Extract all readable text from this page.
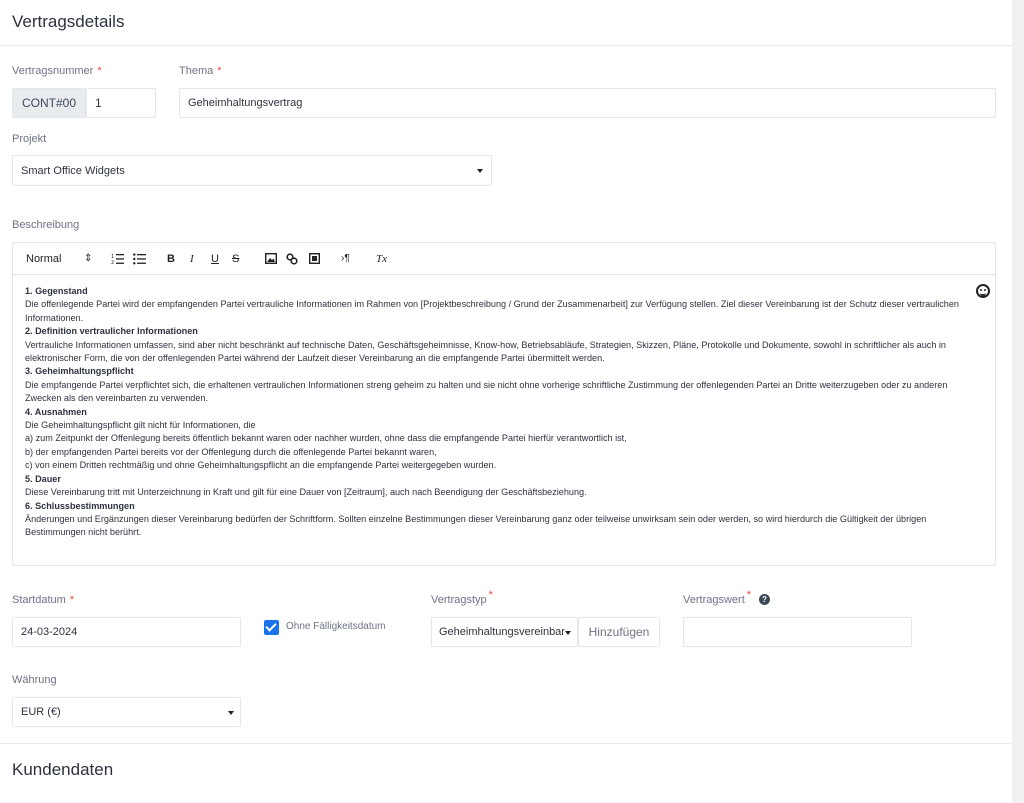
Vertragsdetails
Vertragsnummer *
CONT#00	1
Thema *
Geheimhaltungsvertrag
Projekt
Smart Office Widgets
Beschreibung
Normal ⇕	1
2	B I U S	›¶ Tx
1. Gegenstand
Die offenlegende Partei wird der empfangenden Partei vertrauliche Informationen im Rahmen von [Projektbeschreibung / Grund der Zusammenarbeit] zur Verfügung stellen. Ziel dieser Vereinbarung ist der Schutz dieser vertraulichen Informationen.
2. Definition vertraulicher Informationen
Vertrauliche Informationen umfassen, sind aber nicht beschränkt auf technische Daten, Geschäftsgeheimnisse, Know-how, Betriebsabläufe, Strategien, Skizzen, Pläne, Protokolle und Dokumente, sowohl in schriftlicher als auch in elektronischer Form, die von der offenlegenden Partei während der Laufzeit dieser Vereinbarung an die empfangende Partei übermittelt werden.
3. Geheimhaltungspflicht
Die empfangende Partei verpflichtet sich, die erhaltenen vertraulichen Informationen streng geheim zu halten und sie nicht ohne vorherige schriftliche Zustimmung der offenlegenden Partei an Dritte weiterzugeben oder zu anderen Zwecken als den vereinbarten zu verwenden.
4. Ausnahmen
Die Geheimhaltungspflicht gilt nicht für Informationen, die
a) zum Zeitpunkt der Offenlegung bereits öffentlich bekannt waren oder nachher wurden, ohne dass die empfangende Partei hierfür verantwortlich ist,
b) der empfangenden Partei bereits vor der Offenlegung durch die offenlegende Partei bekannt waren,
c) von einem Dritten rechtmäßig und ohne Geheimhaltungspflicht an die empfangende Partei weitergegeben wurden.
5. Dauer
Diese Vereinbarung tritt mit Unterzeichnung in Kraft und gilt für eine Dauer von [Zeitraum], auch nach Beendigung der Geschäftsbeziehung.
6. Schlussbestimmungen
Änderungen und Ergänzungen dieser Vereinbarung bedürfen der Schriftform. Sollten einzelne Bestimmungen dieser Vereinbarung ganz oder teilweise unwirksam sein oder werden, so wird hierdurch die Gültigkeit der übrigen Bestimmungen nicht berührt.
Startdatum *
24-03-2024	Ohne Fälligkeitsdatum
Vertragstyp *
Geheimhaltungsvereinbar	Hinzufügen
Vertragswert *	?
Währung
EUR (€)
Kundendaten
